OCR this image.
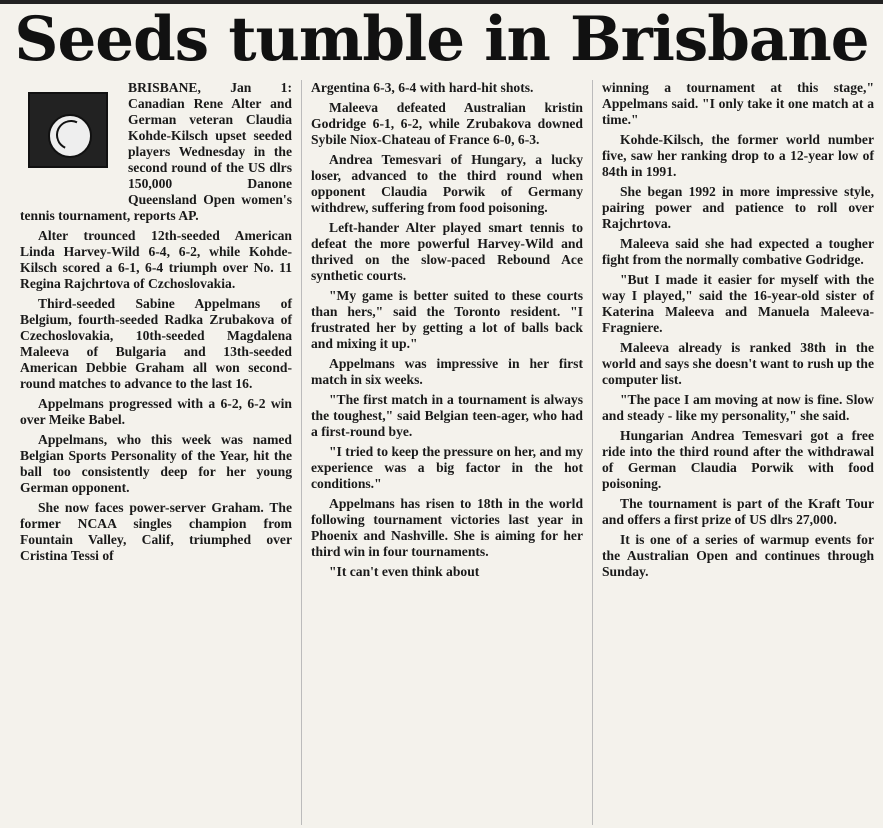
Seeds tumble in Brisbane

BRISBANE, Jan 1: Canadian Rene Alter and German veteran Claudia Kohde-Kilsch upset seeded players Wednesday in the second round of the US dlrs 150,000 Danone Queensland Open women's tennis tournament, reports AP.

Alter trounced 12th-seeded American Linda Harvey-Wild 6-4, 6-2, while Kohde-Kilsch scored a 6-1, 6-4 triumph over No. 11 Regina Rajchrtova of Czchoslovakia.

Third-seeded Sabine Appelmans of Belgium, fourth-seeded Radka Zrubakova of Czechoslovakia, 10th-seeded Magdalena Maleeva of Bulgaria and 13th-seeded American Debbie Graham all won second-round matches to advance to the last 16.

Appelmans progressed with a 6-2, 6-2 win over Meike Babel.

Appelmans, who this week was named Belgian Sports Personality of the Year, hit the ball too consistently deep for her young German opponent.

She now faces power-server Graham. The former NCAA singles champion from Fountain Valley, Calif, triumphed over Cristina Tessi of

Argentina 6-3, 6-4 with hard-hit shots.

Maleeva defeated Australian kristin Godridge 6-1, 6-2, while Zrubakova downed Sybile Niox-Chateau of France 6-0, 6-3.

Andrea Temesvari of Hungary, a lucky loser, advanced to the third round when opponent Claudia Porwik of Germany withdrew, suffering from food poisoning.

Left-hander Alter played smart tennis to defeat the more powerful Harvey-Wild and thrived on the slow-paced Rebound Ace synthetic courts.

"My game is better suited to these courts than hers," said the Toronto resident. "I frustrated her by getting a lot of balls back and mixing it up."

Appelmans was impressive in her first match in six weeks.

"The first match in a tournament is always the toughest," said Belgian teen-ager, who had a first-round bye.

"I tried to keep the pressure on her, and my experience was a big factor in the hot conditions."

Appelmans has risen to 18th in the world following tournament victories last year in Phoenix and Nashville. She is aiming for her third win in four tournaments.

"It can't even think about

winning a tournament at this stage," Appelmans said. "I only take it one match at a time."

Kohde-Kilsch, the former world number five, saw her ranking drop to a 12-year low of 84th in 1991.

She began 1992 in more impressive style, pairing power and patience to roll over Rajchrtova.

Maleeva said she had expected a tougher fight from the normally combative Godridge.

"But I made it easier for myself with the way I played," said the 16-year-old sister of Katerina Maleeva and Manuela Maleeva-Fragniere.

Maleeva already is ranked 38th in the world and says she doesn't want to rush up the computer list.

"The pace I am moving at now is fine. Slow and steady - like my personality," she said.

Hungarian Andrea Temesvari got a free ride into the third round after the withdrawal of German Claudia Porwik with food poisoning.

The tournament is part of the Kraft Tour and offers a first prize of US dlrs 27,000.

It is one of a series of warmup events for the Australian Open and continues through Sunday.
